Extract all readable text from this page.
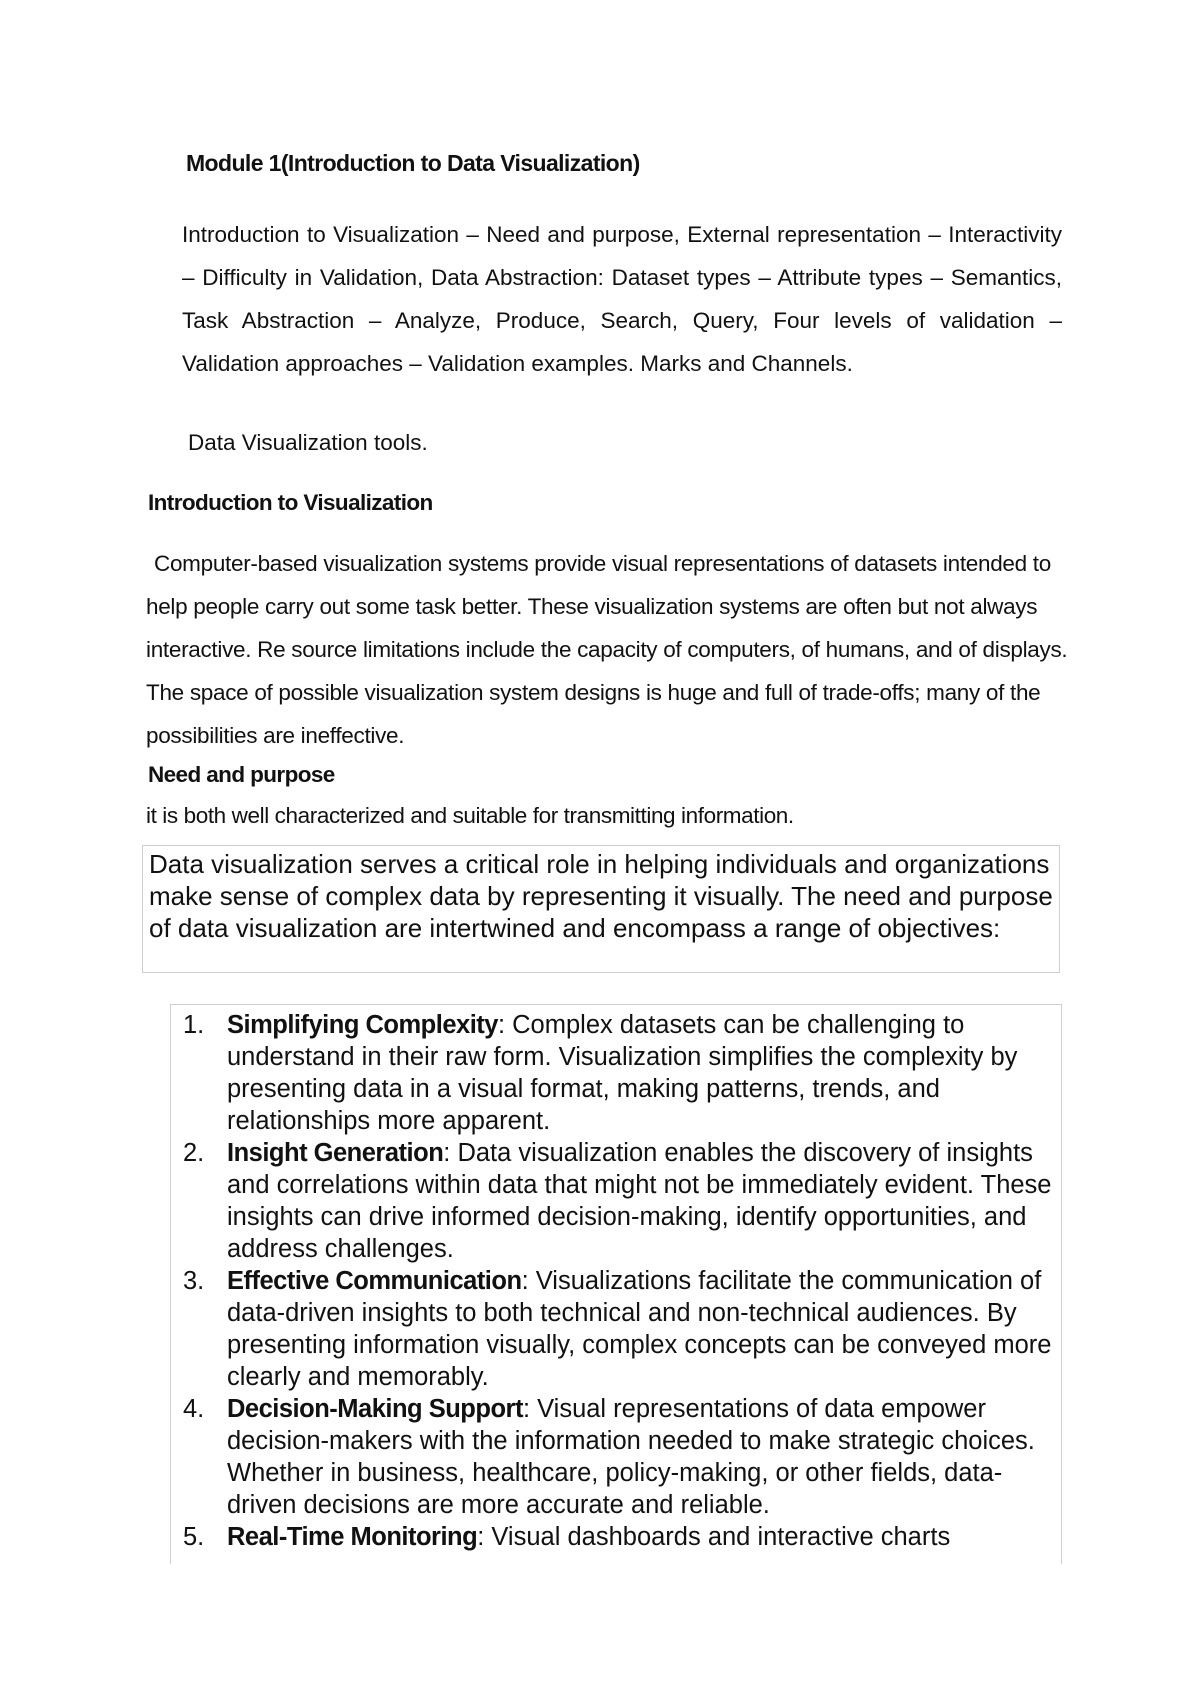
Module 1(Introduction to Data Visualization)

Introduction to Visualization – Need and purpose, External representation – Interactivity – Difficulty in Validation, Data Abstraction: Dataset types – Attribute types – Semantics, Task Abstraction – Analyze, Produce, Search, Query, Four levels of validation – Validation approaches – Validation examples. Marks and Channels.

Data Visualization tools.

Introduction to Visualization

Computer-based visualization systems provide visual representations of datasets intended to help people carry out some task better. These visualization systems are often but not always interactive. Re source limitations include the capacity of computers, of humans, and of displays. The space of possible visualization system designs is huge and full of trade-offs; many of the possibilities are ineffective.

Need and purpose

it is both well characterized and suitable for transmitting information.

Data visualization serves a critical role in helping individuals and organizations make sense of complex data by representing it visually. The need and purpose of data visualization are intertwined and encompass a range of objectives:
1. Simplifying Complexity: Complex datasets can be challenging to understand in their raw form. Visualization simplifies the complexity by presenting data in a visual format, making patterns, trends, and relationships more apparent.
2. Insight Generation: Data visualization enables the discovery of insights and correlations within data that might not be immediately evident. These insights can drive informed decision-making, identify opportunities, and address challenges.
3. Effective Communication: Visualizations facilitate the communication of data-driven insights to both technical and non-technical audiences. By presenting information visually, complex concepts can be conveyed more clearly and memorably.
4. Decision-Making Support: Visual representations of data empower decision-makers with the information needed to make strategic choices. Whether in business, healthcare, policy-making, or other fields, data-driven decisions are more accurate and reliable.
5. Real-Time Monitoring: Visual dashboards and interactive charts
